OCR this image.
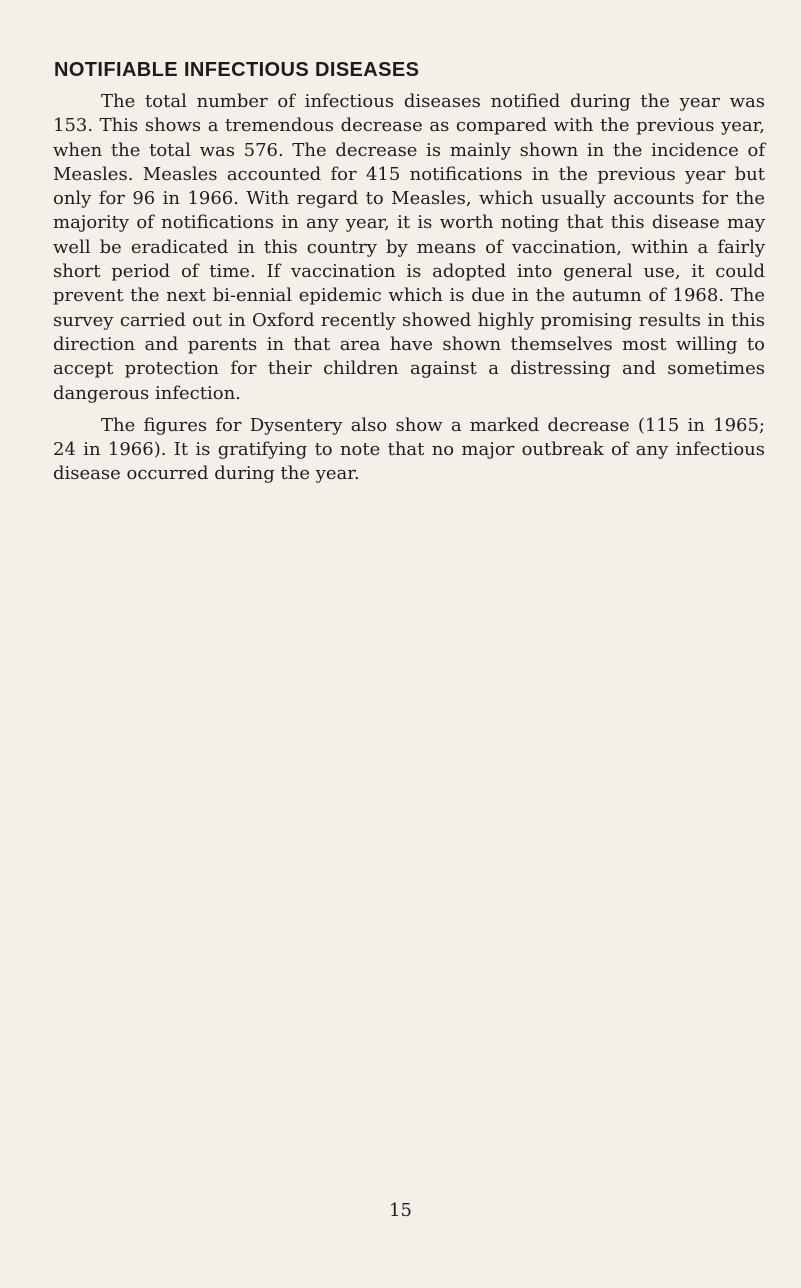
NOTIFIABLE INFECTIOUS DISEASES

The total number of infectious diseases notified during the year was 153. This shows a tremendous decrease as compared with the previous year, when the total was 576. The decrease is mainly shown in the incidence of Measles. Measles accounted for 415 notifications in the previous year but only for 96 in 1966. With regard to Measles, which usually accounts for the majority of notifications in any year, it is worth noting that this disease may well be eradicated in this country by means of vaccination, within a fairly short period of time. If vaccination is adopted into general use, it could prevent the next bi-ennial epidemic which is due in the autumn of 1968. The survey carried out in Oxford recently showed highly promising results in this direction and parents in that area have shown themselves most willing to accept protection for their children against a distressing and sometimes dangerous infection.

The figures for Dysentery also show a marked decrease (115 in 1965; 24 in 1966). It is gratifying to note that no major outbreak of any infectious disease occurred during the year.

15
